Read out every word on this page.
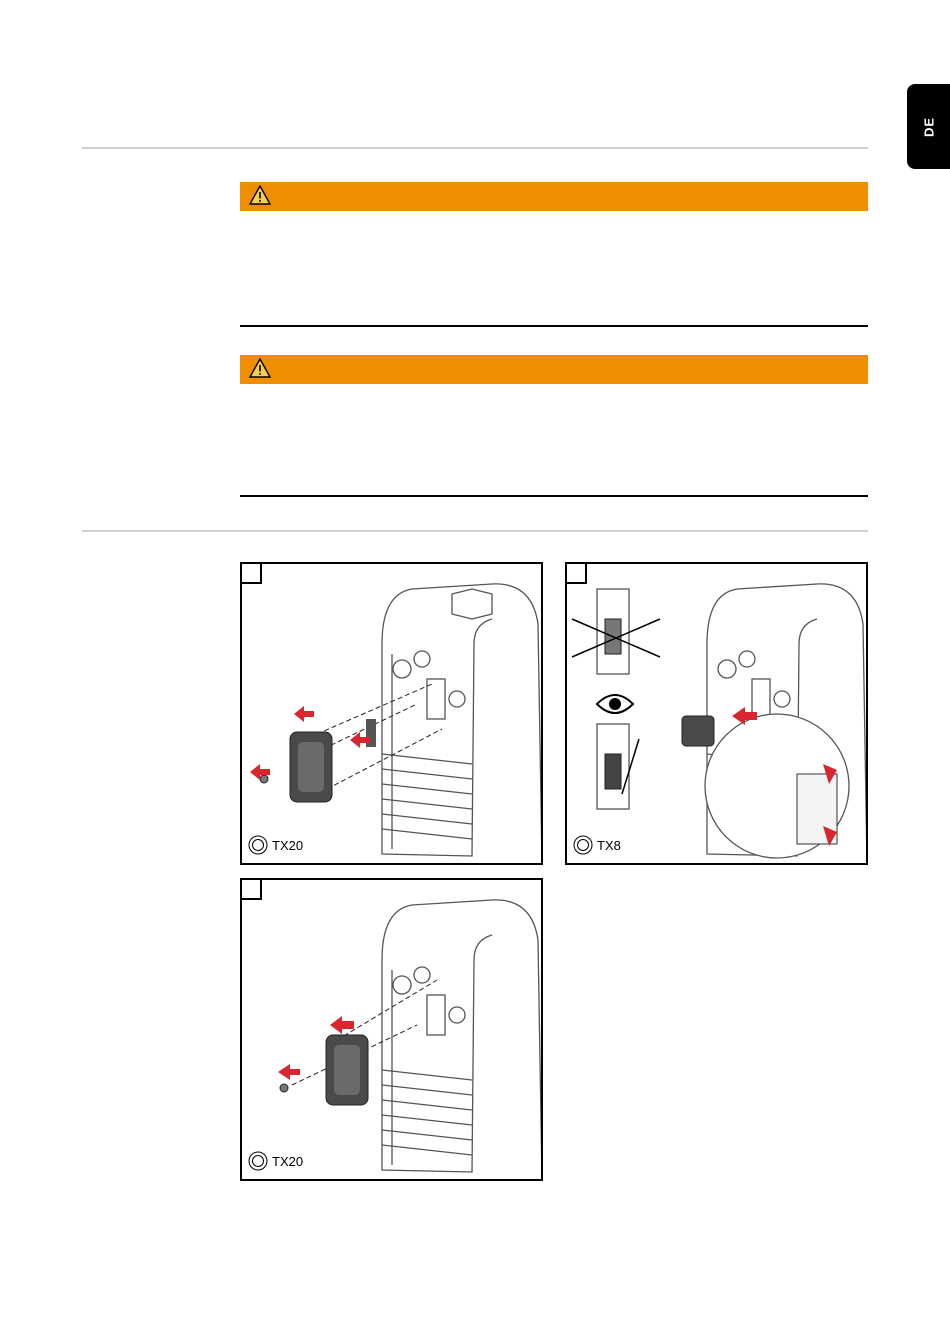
DE
TX20	TX8
TX20
